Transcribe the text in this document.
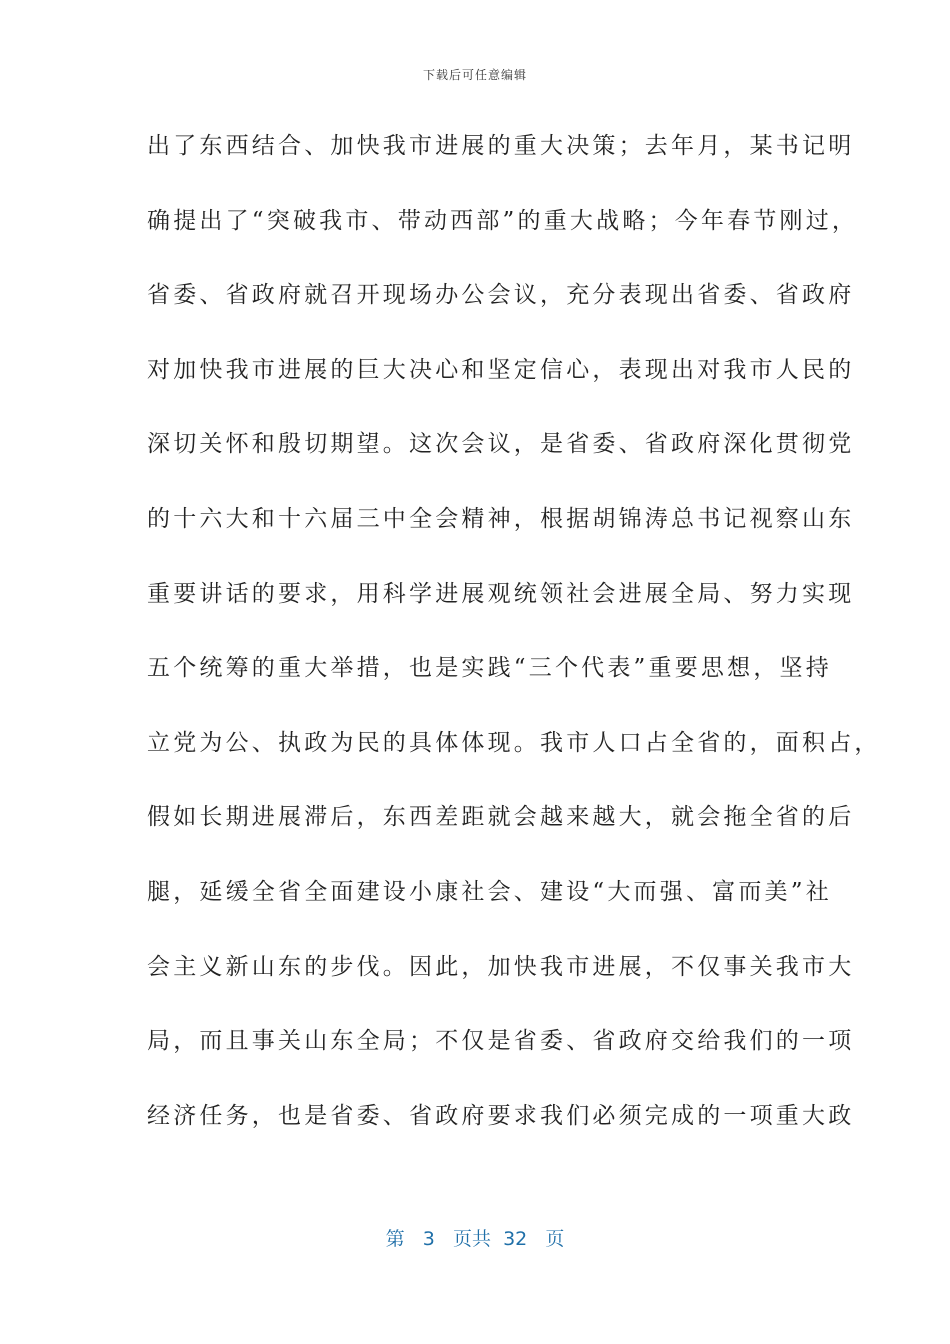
下载后可任意编辑
出了东西结合、加快我市进展的重大决策；去年月，某书记明
确提出了“突破我市、带动西部”的重大战略；今年春节刚过，
省委、省政府就召开现场办公会议，充分表现出省委、省政府
对加快我市进展的巨大决心和坚定信心，表现出对我市人民的
深切关怀和殷切期望。这次会议，是省委、省政府深化贯彻党
的十六大和十六届三中全会精神，根据胡锦涛总书记视察山东
重要讲话的要求，用科学进展观统领社会进展全局、努力实现
五个统筹的重大举措，也是实践“三个代表”重要思想，坚持
立党为公、执政为民的具体体现。我市人口占全省的，面积占，
假如长期进展滞后，东西差距就会越来越大，就会拖全省的后
腿，延缓全省全面建设小康社会、建设“大而强、富而美”社
会主义新山东的步伐。因此，加快我市进展，不仅事关我市大
局，而且事关山东全局；不仅是省委、省政府交给我们的一项
经济任务，也是省委、省政府要求我们必须完成的一项重大政
第 3 页共 32 页
